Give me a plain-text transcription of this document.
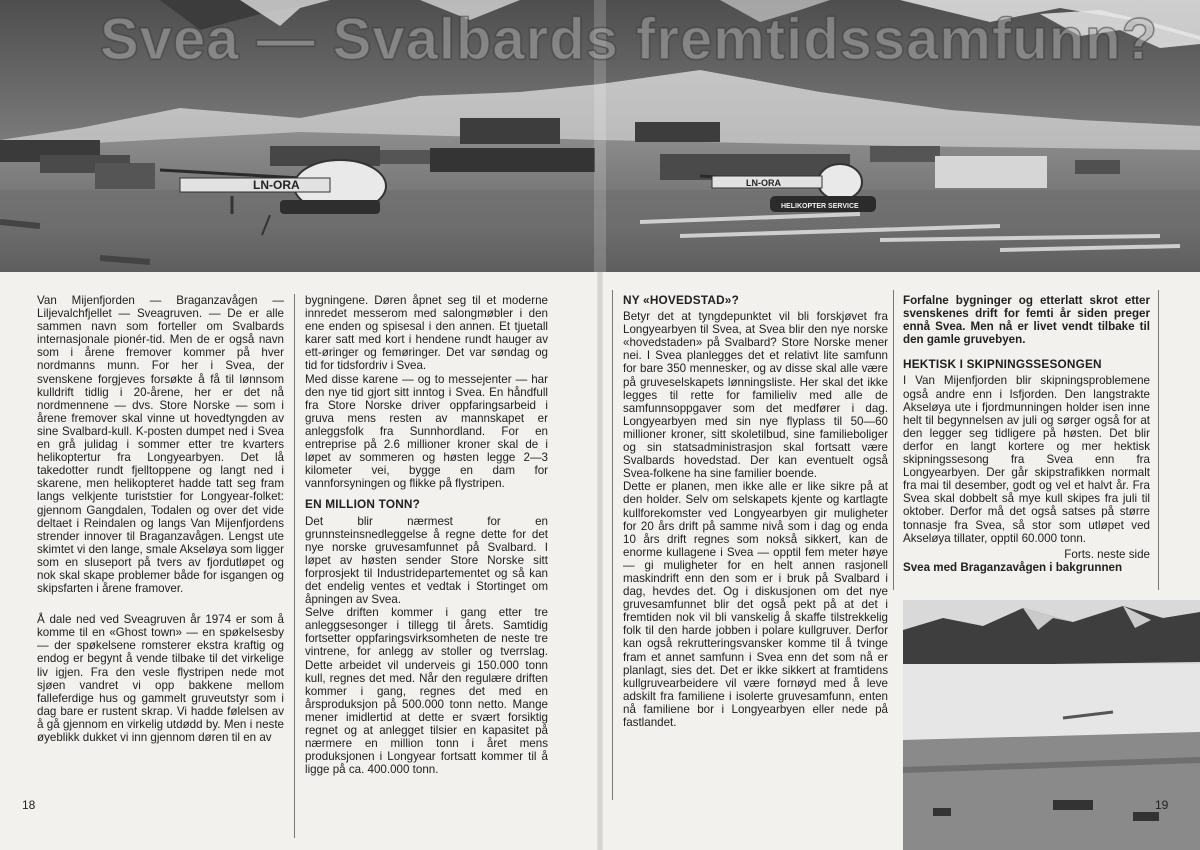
LN-ORA	LN-ORA
HELIKOPTER SERVICE
Svea — Svalbards fremtidssamfunn?

Van Mijenfjorden — Braganzavågen — Liljevalchfjellet — Sveagruven. — De er alle sammen navn som forteller om Svalbards internasjonale pionér-tid. Men de er også navn som i årene fremover kommer på hver nordmanns munn. For her i Svea, der svenskene forgjeves forsøkte å få til lønnsom kulldrift tidlig i 20-årene, her er det nå nordmennene — dvs. Store Norske — som i årene fremover skal vinne ut hovedtyngden av sine Svalbard-kull. K-posten dumpet ned i Svea en grå julidag i sommer etter tre kvarters helikoptertur fra Longyearbyen. Det lå takedotter rundt fjelltoppene og langt ned i skarene, men helikopteret hadde tatt seg fram langs velkjente turiststier for Longyear-folket: gjennom Gangdalen, Todalen og over det vide deltaet i Reindalen og langs Van Mijenfjordens strender innover til Braganzavågen. Lengst ute skimtet vi den lange, smale Akseløya som ligger som en sluseport på tvers av fjordutløpet og nok skal skape problemer både for isgangen og skipsfarten i årene framover.

Å dale ned ved Sveagruven år 1974 er som å komme til en «Ghost town» — en spøkelsesby — der spøkelsene romsterer ekstra kraftig og endog er begynt å vende tilbake til det virkelige liv igjen. Fra den vesle flystripen nede mot sjøen vandret vi opp bakkene mellom falleferdige hus og gammelt gruveutstyr som i dag bare er rustent skrap. Vi hadde følelsen av å gå gjennom en virkelig utdødd by. Men i neste øyeblikk dukket vi inn gjennom døren til en av

bygningene. Døren åpnet seg til et moderne innredet messerom med salongmøbler i den ene enden og spisesal i den annen. Et tjuetall karer satt med kort i hendene rundt hauger av ett-øringer og femøringer. Det var søndag og tid for tidsfordriv i Svea.

Med disse karene — og to messejenter — har den nye tid gjort sitt inntog i Svea. En håndfull fra Store Norske driver oppfaringsarbeid i gruva mens resten av mannskapet er anleggsfolk fra Sunnhordland. For en entreprise på 2.6 millioner kroner skal de i løpet av sommeren og høsten legge 2—3 kilometer vei, bygge en dam for vannforsyningen og flikke på flystripen.

EN MILLION TONN?

Det blir nærmest for en grunnsteinsnedleggelse å regne dette for det nye norske gruvesamfunnet på Svalbard. I løpet av høsten sender Store Norske sitt forprosjekt til Industridepartementet og så kan det endelig ventes et vedtak i Stortinget om åpningen av Svea.

Selve driften kommer i gang etter tre anleggsesonger i tillegg til årets. Samtidig fortsetter oppfaringsvirksomheten de neste tre vintrene, for anlegg av stoller og tverrslag. Dette arbeidet vil underveis gi 150.000 tonn kull, regnes det med. Når den regulære driften kommer i gang, regnes det med en årsproduksjon på 500.000 tonn netto. Mange mener imidlertid at dette er svært forsiktig regnet og at anlegget tilsier en kapasitet på nærmere en million tonn i året mens produksjonen i Longyear fortsatt kommer til å ligge på ca. 400.000 tonn.

18
NY «HOVEDSTAD»?

Betyr det at tyngdepunktet vil bli forskjøvet fra Longyearbyen til Svea, at Svea blir den nye norske «hovedstaden» på Svalbard? Store Norske mener nei. I Svea planlegges det et relativt lite samfunn for bare 350 mennesker, og av disse skal alle være på gruveselskapets lønningsliste. Her skal det ikke legges til rette for familieliv med alle de samfunnsoppgaver som det medfører i dag. Longyearbyen med sin nye flyplass til 50—60 millioner kroner, sitt skoletilbud, sine familieboliger og sin statsadministrasjon skal fortsatt være Svalbards hovedstad. Der kan eventuelt også Svea-folkene ha sine familier boende.

Dette er planen, men ikke alle er like sikre på at den holder. Selv om selskapets kjente og kartlagte kullforekomster ved Longyearbyen gir muligheter for 20 års drift på samme nivå som i dag og enda 10 års drift regnes som nokså sikkert, kan de enorme kullagene i Svea — opptil fem meter høye — gi muligheter for en helt annen rasjonell maskindrift enn den som er i bruk på Svalbard i dag, hevdes det. Og i diskusjonen om det nye gruvesamfunnet blir det også pekt på at det i fremtiden nok vil bli vanskelig å skaffe tilstrekkelig folk til den harde jobben i polare kullgruver. Derfor kan også rekrutteringsvansker komme til å tvinge fram et annet samfunn i Svea enn det som nå er planlagt, sies det. Det er ikke sikkert at framtidens kullgruvearbeidere vil være fornøyd med å leve adskilt fra familiene i isolerte gruvesamfunn, enten nå familiene bor i Longyearbyen eller nede på fastlandet.

Forfalne bygninger og etterlatt skrot etter svenskenes drift for femti år siden preger ennå Svea. Men nå er livet vendt tilbake til den gamle gruvebyen.

HEKTISK I SKIPNINGSSESONGEN

I Van Mijenfjorden blir skipningsproblemene også andre enn i Isfjorden. Den langstrakte Akseløya ute i fjordmunningen holder isen inne helt til begynnelsen av juli og sørger også for at den legger seg tidligere på høsten. Det blir derfor en langt kortere og mer hektisk skipningssesong fra Svea enn fra Longyearbyen. Der går skipstrafikken normalt fra mai til desember, godt og vel et halvt år. Fra Svea skal dobbelt så mye kull skipes fra juli til oktober. Derfor må det også satses på større tonnasje fra Svea, så stor som utløpet ved Akseløya tillater, opptil 60.000 tonn.

Forts. neste side

Svea med Braganzavågen i bakgrunnen

19
